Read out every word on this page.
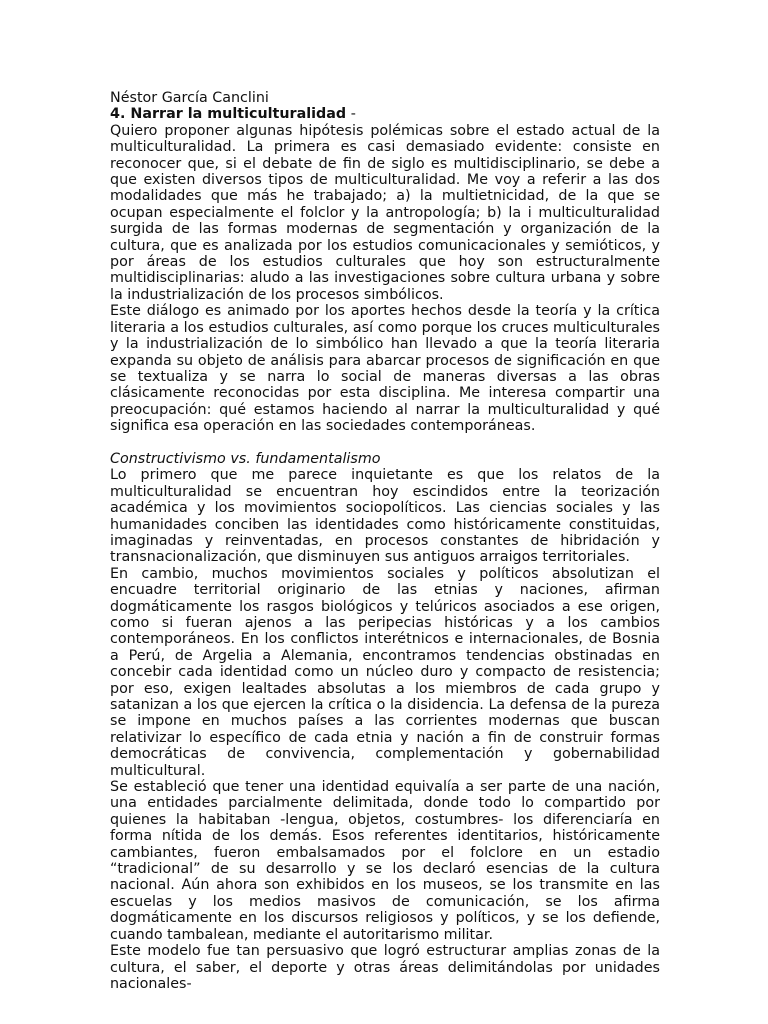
Néstor García Canclini

4. Narrar la multiculturalidad -

Quiero proponer algunas hipótesis polémicas sobre el estado actual de la multiculturalidad. La primera es casi demasiado evidente: consiste en reconocer que, si el debate de fin de siglo es multidisciplinario, se debe a que existen diversos tipos de multiculturalidad. Me voy a referir a las dos modalidades que más he trabajado; a) la multietnicidad, de la que se ocupan especialmente el folclor y la antropología; b) la i multiculturalidad surgida de las formas modernas de segmentación y organización de la cultura, que es analizada por los estudios comunicacionales y semióticos, y por áreas de los estudios culturales que hoy son estructuralmente multidisciplinarias: aludo a las investigaciones sobre cultura urbana y sobre la industrialización de los procesos simbólicos.

Este diálogo es animado por los aportes hechos desde la teoría y la crítica literaria a los estudios culturales, así como porque los cruces multiculturales y la industrialización de lo simbólico han llevado a que la teoría literaria expanda su objeto de análisis para abarcar procesos de significación en que se textualiza y se narra lo social de maneras diversas a las obras clásicamente reconocidas por esta disciplina. Me interesa compartir una preocupación: qué estamos haciendo al narrar la multiculturalidad y qué significa esa operación en las sociedades contemporáneas.

Constructivismo vs. fundamentalismo

Lo primero que me parece inquietante es que los relatos de la multiculturalidad se encuentran hoy escindidos entre la teorización académica y los movimientos sociopolíticos. Las ciencias sociales y las humanidades conciben las identidades como históricamente constituidas, imaginadas y reinventadas, en procesos constantes de hibridación y transnacionalización, que disminuyen sus antiguos arraigos territoriales.

En cambio, muchos movimientos sociales y políticos absolutizan el encuadre territorial originario de las etnias y naciones, afirman dogmáticamente los rasgos biológicos y telúricos asociados a ese origen, como si fueran ajenos a las peripecias históricas y a los cambios contemporáneos. En los conflictos interétnicos e internacionales, de Bosnia a Perú, de Argelia a Alemania, encontramos tendencias obstinadas en concebir cada identidad como un núcleo duro y compacto de resistencia; por eso, exigen lealtades absolutas a los miembros de cada grupo y satanizan a los que ejercen la crítica o la disidencia. La defensa de la pureza se impone en muchos países a las corrientes modernas que buscan relativizar lo específico de cada etnia y nación a fin de construir formas democráticas de convivencia, complementación y gobernabilidad multicultural.

Se estableció que tener una identidad equivalía a ser parte de una nación, una entidades parcialmente delimitada, donde todo lo compartido por quienes la habitaban -lengua, objetos, costumbres- los diferenciaría en forma nítida de los demás. Esos referentes identitarios, históricamente cambiantes, fueron embalsamados por el folclore en un estadio “tradicional” de su desarrollo y se los declaró esencias de la cultura nacional. Aún ahora son exhibidos en los museos, se los transmite en las escuelas y los medios masivos de comunicación, se los afirma dogmáticamente en los discursos religiosos y políticos, y se los defiende, cuando tambalean, mediante el autoritarismo militar.

Este modelo fue tan persuasivo que logró estructurar amplias zonas de la cultura, el saber, el deporte y otras áreas delimitándolas por unidades nacionales-
